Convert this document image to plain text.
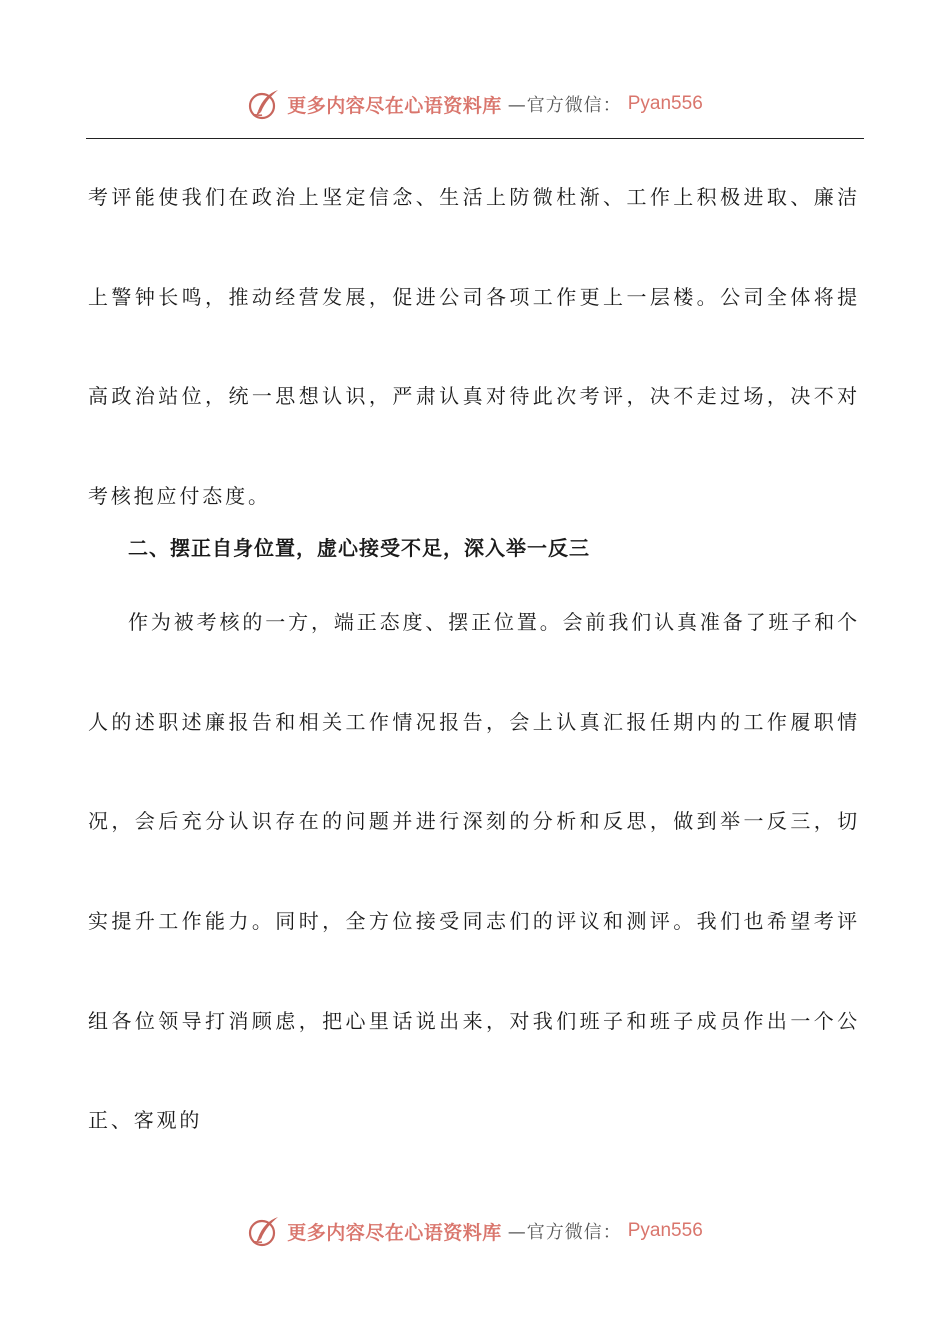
更多内容尽在心语资料库 —官方微信： Pyan556

考评能使我们在政治上坚定信念、生活上防微杜渐、工作上积极进取、廉洁上警钟长鸣，推动经营发展，促进公司各项工作更上一层楼。公司全体将提高政治站位，统一思想认识，严肃认真对待此次考评，决不走过场，决不对考核抱应付态度。

二、摆正自身位置，虚心接受不足，深入举一反三

作为被考核的一方，端正态度、摆正位置。会前我们认真准备了班子和个人的述职述廉报告和相关工作情况报告，会上认真汇报任期内的工作履职情况，会后充分认识存在的问题并进行深刻的分析和反思，做到举一反三，切实提升工作能力。同时，全方位接受同志们的评议和测评。我们也希望考评组各位领导打消顾虑，把心里话说出来，对我们班子和班子成员作出一个公正、客观的

更多内容尽在心语资料库 —官方微信： Pyan556
